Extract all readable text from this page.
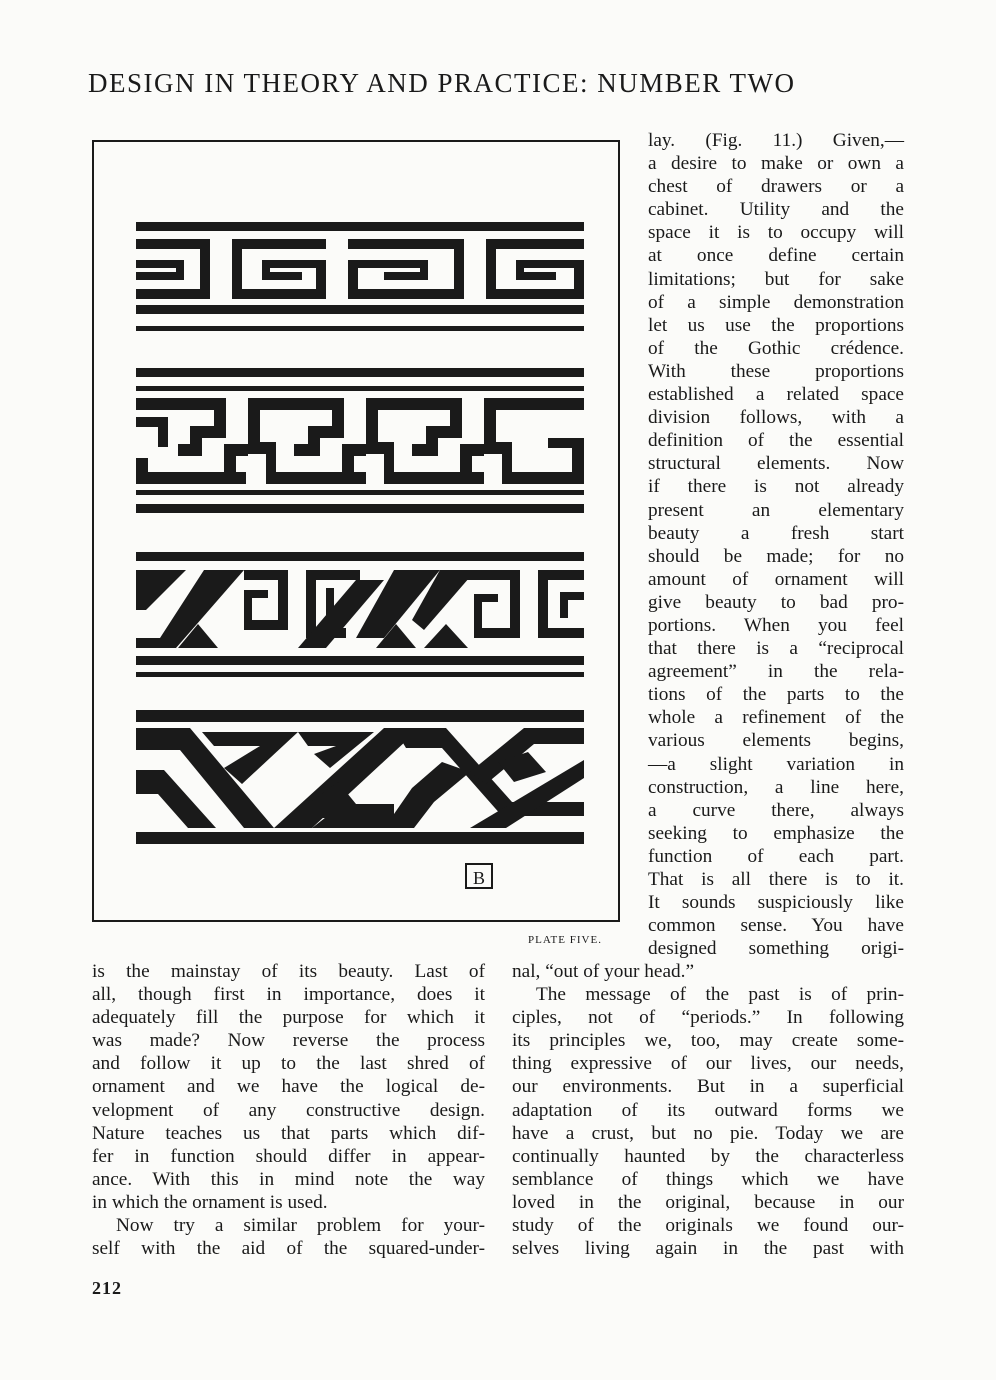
DESIGN IN THEORY AND PRACTICE: NUMBER TWO
B
PLATE FIVE.
lay. (Fig. 11.) Given,—
a desire to make or own a
chest of drawers or a
cabinet. Utility and the
space it is to occupy will
at once define certain
limitations; but for sake
of a simple demonstration
let us use the proportions
of the Gothic crédence.
With these proportions
established a related space
division follows, with a
definition of the essential
structural elements. Now
if there is not already
present an elementary
beauty a fresh start
should be made; for no
amount of ornament will
give beauty to bad pro-
portions. When you feel
that there is a “reciprocal
agreement” in the rela-
tions of the parts to the
whole a refinement of the
various elements begins,
—a slight variation in
construction, a line here,
a curve there, always
seeking to emphasize the
function of each part.
That is all there is to it.
It sounds suspiciously like
common sense. You have
designed something origi-
is the mainstay of its beauty. Last of
all, though first in importance, does it
adequately fill the purpose for which it
was made? Now reverse the process
and follow it up to the last shred of
ornament and we have the logical de-
velopment of any constructive design.
Nature teaches us that parts which dif-
fer in function should differ in appear-
ance. With this in mind note the way
in which the ornament is used.
Now try a similar problem for your-
self with the aid of the squared-under-
nal, “out of your head.”
The message of the past is of prin-
ciples, not of “periods.” In following
its principles we, too, may create some-
thing expressive of our lives, our needs,
our environments. But in a superficial
adaptation of its outward forms we
have a crust, but no pie. Today we are
continually haunted by the characterless
semblance of things which we have
loved in the original, because in our
study of the originals we found our-
selves living again in the past with
212
